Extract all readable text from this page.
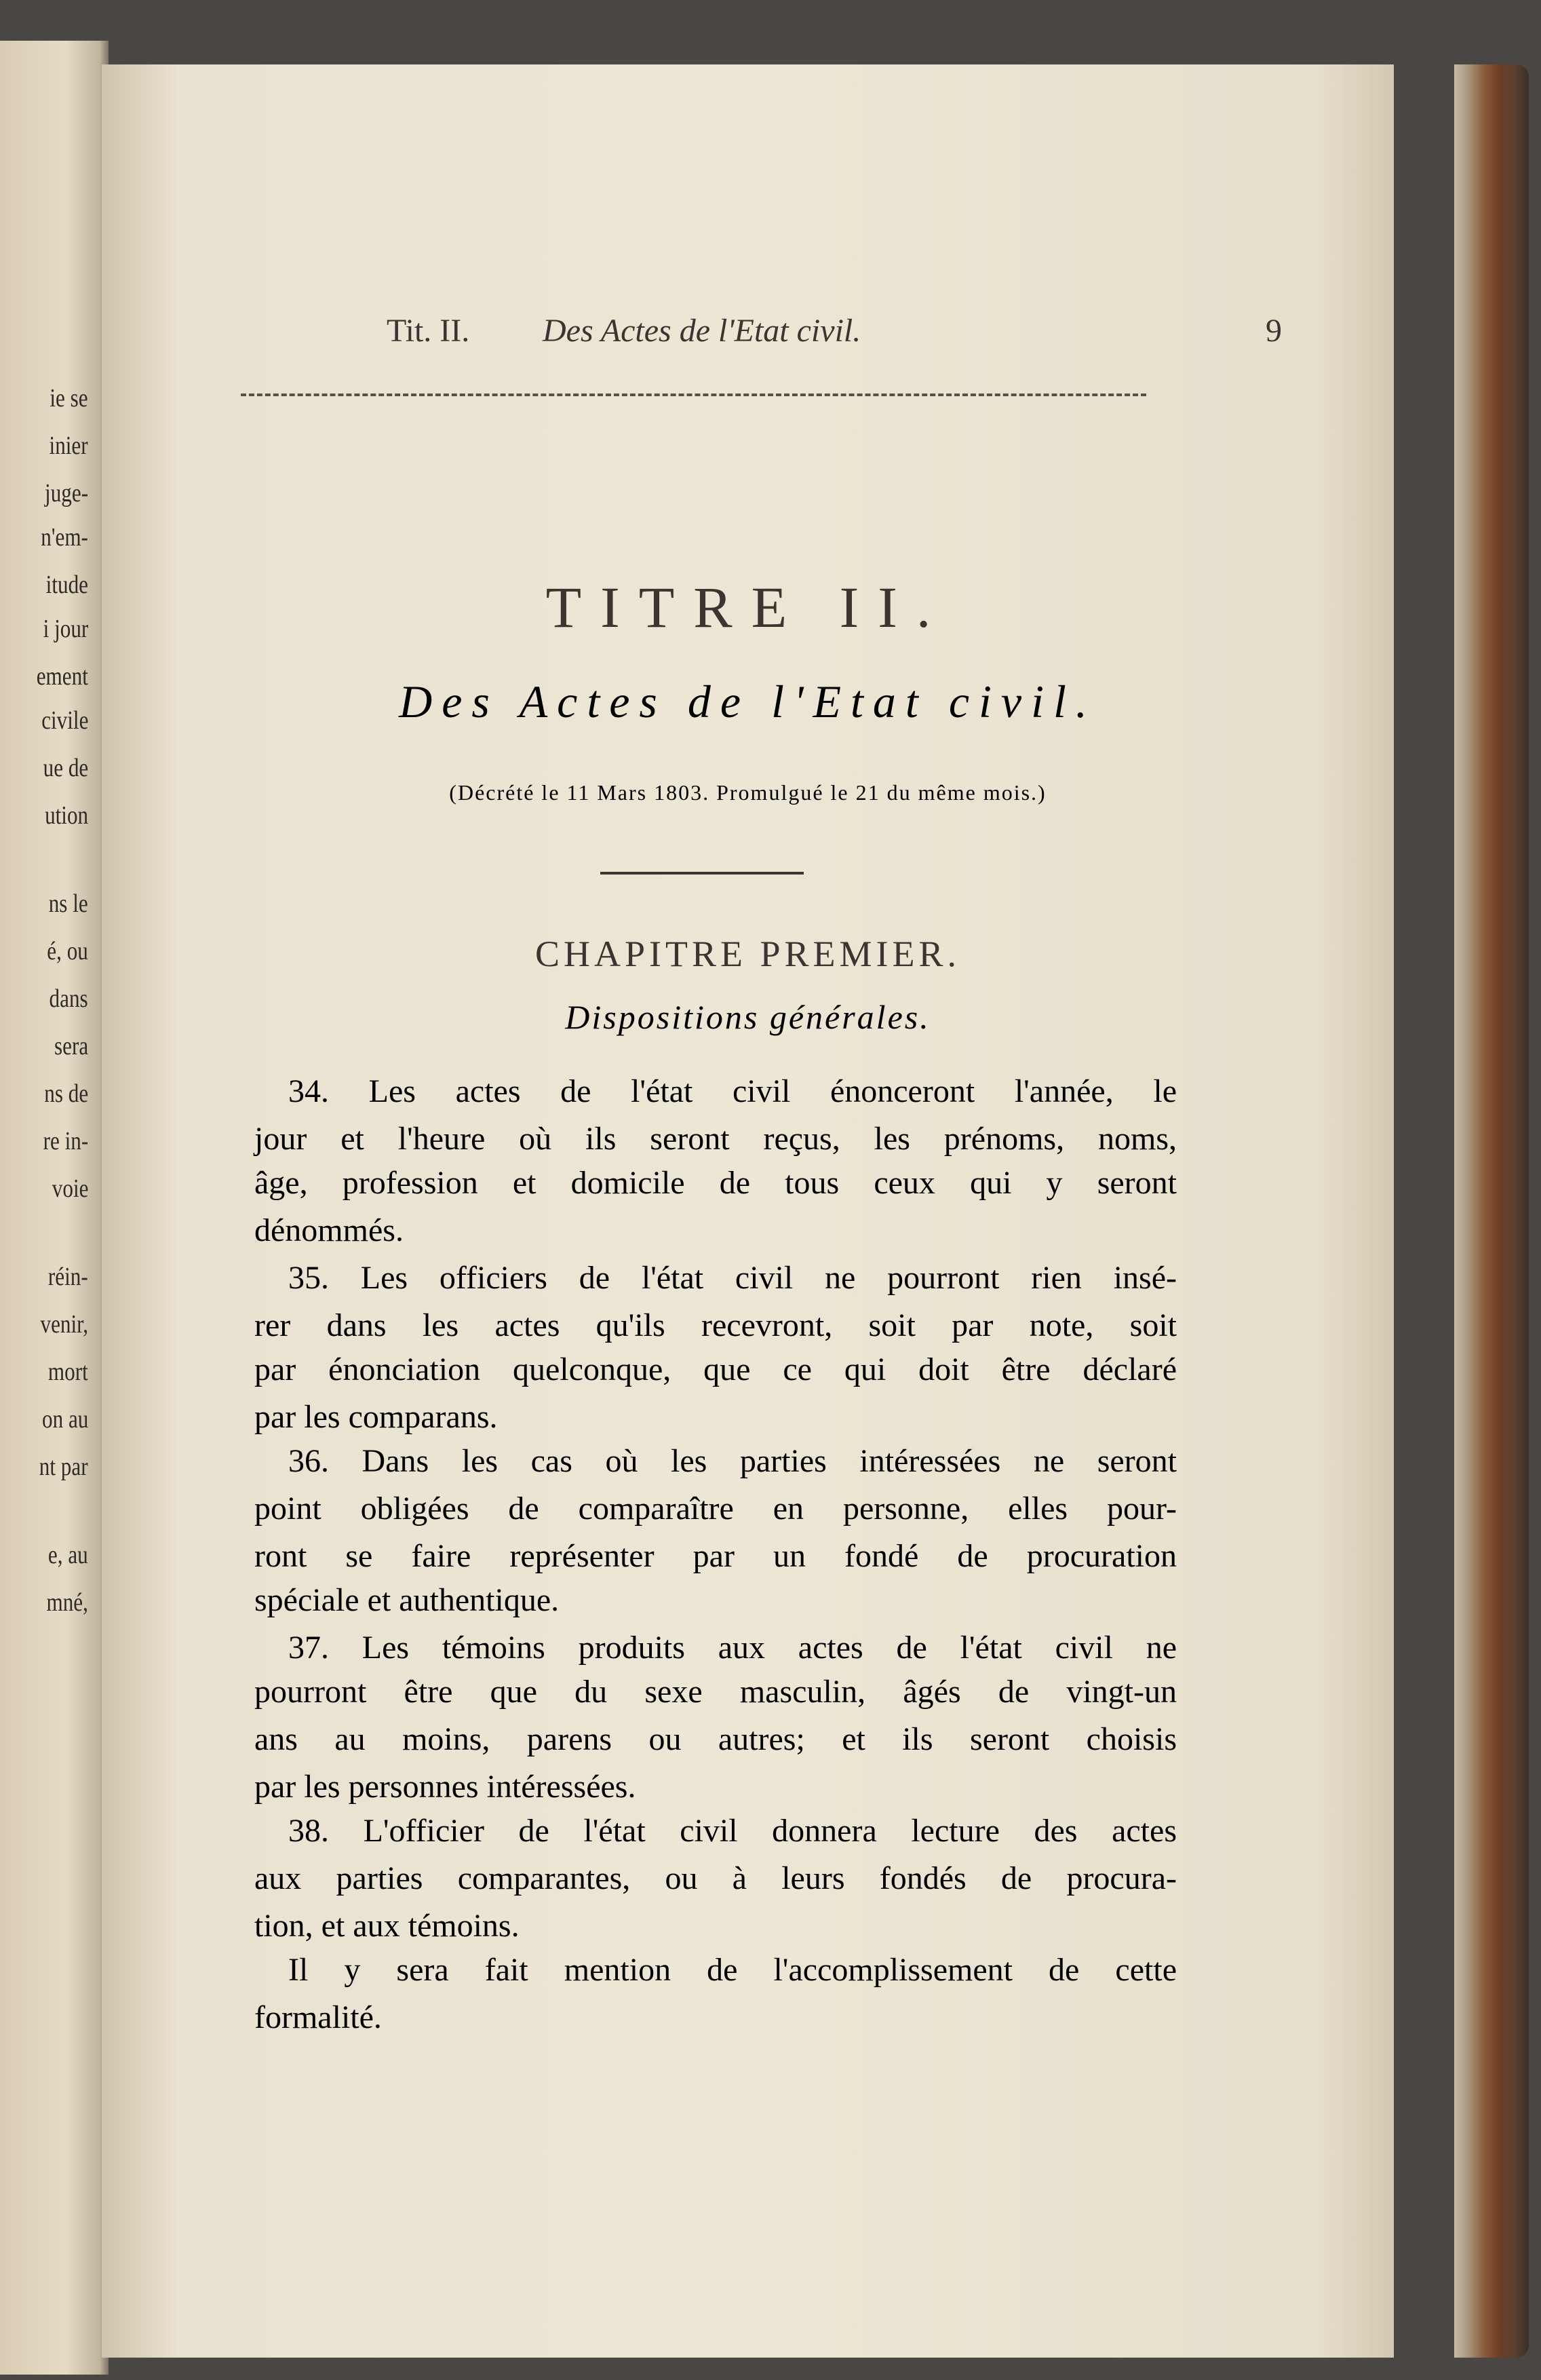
ie se
inier
juge-
n'em-
itude
i jour
ement
civile
ue de
ution
ns le
é, ou
dans
sera
ns de
re in-
voie
réin-
venir,
mort
on au
nt par
e, au
mné,
Tit. II. Des Actes de l'Etat civil.	9
TITRE II.
Des Actes de l'Etat civil.
(Décrété le 11 Mars 1803. Promulgué le 21 du même mois.)
CHAPITRE PREMIER.
Dispositions générales.
34. Les actes de l'état civil énonceront l'année, le
jour et l'heure où ils seront reçus, les prénoms, noms,
âge, profession et domicile de tous ceux qui y seront
dénommés.
35. Les officiers de l'état civil ne pourront rien insé-
rer dans les actes qu'ils recevront, soit par note, soit
par énonciation quelconque, que ce qui doit être déclaré
par les comparans.
36. Dans les cas où les parties intéressées ne seront
point obligées de comparaître en personne, elles pour-
ront se faire représenter par un fondé de procuration
spéciale et authentique.
37. Les témoins produits aux actes de l'état civil ne
pourront être que du sexe masculin, âgés de vingt-un
ans au moins, parens ou autres; et ils seront choisis
par les personnes intéressées.
38. L'officier de l'état civil donnera lecture des actes
aux parties comparantes, ou à leurs fondés de procura-
tion, et aux témoins.
Il y sera fait mention de l'accomplissement de cette
formalité.
